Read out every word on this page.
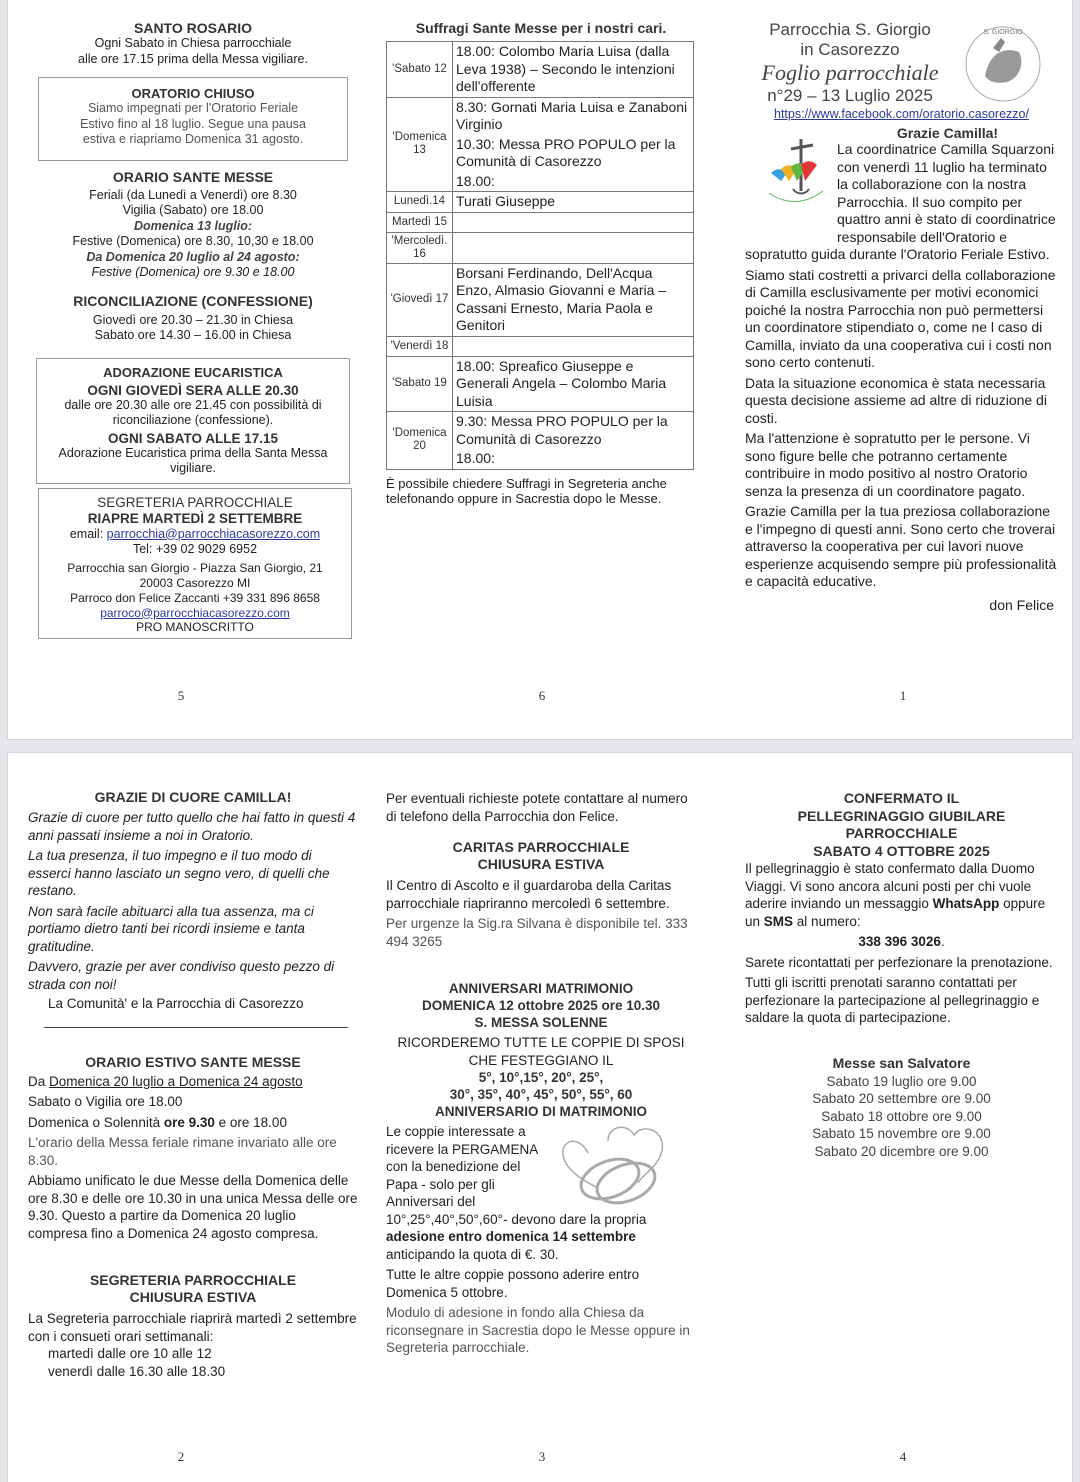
SANTO ROSARIO
Ogni Sabato in Chiesa parrocchiale
alle ore 17.15 prima della Messa vigiliare.
ORATORIO CHIUSO
Siamo impegnati per l'Oratorio Feriale
Estivo fino al 18 luglio. Segue una pausa
estiva e riapriamo Domenica 31 agosto.
ORARIO SANTE MESSE
Feriali (da Lunedì a Venerdì) ore 8.30
Vigilia (Sabato) ore 18.00
Domenica 13 luglio:
Festive (Domenica) ore 8.30, 10,30 e 18.00
Da Domenica 20 luglio al 24 agosto:
Festive (Domenica) ore 9.30 e 18.00
RICONCILIAZIONE (CONFESSIONE)
Giovedì ore 20.30 – 21.30 in Chiesa
Sabato ore 14.30 – 16.00 in Chiesa
ADORAZIONE EUCARISTICA
OGNI GIOVEDÌ SERA ALLE 20.30
dalle ore 20.30 alle ore 21.45 con possibilità di riconciliazione (confessione).
OGNI SABATO ALLE 17.15
Adorazione Eucaristica prima della Santa Messa vigiliare.
SEGRETERIA PARROCCHIALE
RIAPRE MARTEDÌ 2 SETTEMBRE
email: parrocchia@parrocchiacasorezzo.com
Tel: +39 02 9029 6952
Parrocchia san Giorgio - Piazza San Giorgio, 21
20003 Casorezzo MI
Parroco don Felice Zaccanti +39 331 896 8658
parroco@parrocchiacasorezzo.com
PRO MANOSCRITTO
5
Suffragi Sante Messe per i nostri cari.
'Sabato 12	18.00: Colombo Maria Luisa (dalla Leva 1938) – Secondo le intenzioni dell'offerente

'Domenica 13	8.30: Gornati Maria Luisa e Zanaboni Virginio
10.30: Messa PRO POPULO per la Comunità di Casorezzo
18.00:

Lunedì.14	Turati Giuseppe

Martedì 15	

'Mercoledì. 16	

'Giovedì 17	Borsani Ferdinando, Dell'Acqua Enzo, Almasio Giovanni e Maria – Cassani Ernesto, Maria Paola e Genitori

'Venerdì 18	

'Sabato 19	18.00: Spreafico Giuseppe e Generali Angela – Colombo Maria Luisia

'Domenica 20	9.30: Messa PRO POPULO per la Comunità di Casorezzo
18.00:
È possibile chiedere Suffragi in Segreteria anche telefonando oppure in Sacrestia dopo le Messe.
6
Parrocchia S. Giorgio
in Casorezzo
Foglio parrocchiale
n°29 – 13 Luglio 2025
S. GIORGIO
https://www.facebook.com/oratorio.casorezzo/
Grazie Camilla!
La coordinatrice Camilla Squarzoni con venerdì 11 luglio ha terminato la collaborazione con la nostra Parrocchia. Il suo compito per quattro anni è stato di coordinatrice responsabile dell'Oratorio e sopratutto guida durante l'Oratorio Feriale Estivo.
Siamo stati costretti a privarci della collaborazione di Camilla esclusivamente per motivi economici poiché la nostra Parrocchia non può permettersi un coordinatore stipendiato o, come ne l caso di Camilla, inviato da una cooperativa cui i costi non sono certo contenuti.
Data la situazione economica è stata necessaria questa decisione assieme ad altre di riduzione di costi.
Ma l'attenzione è sopratutto per le persone. Vi sono figure belle che potranno certamente contribuire in modo positivo al nostro Oratorio senza la presenza di un coordinatore pagato.
Grazie Camilla per la tua preziosa collaborazione e l'impegno di questi anni. Sono certo che troverai attraverso la cooperativa per cui lavori nuove esperienze acquisendo sempre più professionalità e capacità educative.
don Felice
1
GRAZIE DI CUORE CAMILLA!
Grazie di cuore per tutto quello che hai fatto in questi 4 anni passati insieme a noi in Oratorio.
La tua presenza, il tuo impegno e il tuo modo di esserci hanno lasciato un segno vero, di quelli che restano.
Non sarà facile abituarci alla tua assenza, ma ci portiamo dietro tanti bei ricordi insieme e tanta gratitudine.
Davvero, grazie per aver condiviso questo pezzo di strada con noi!
La Comunità' e la Parrocchia di Casorezzo
ORARIO ESTIVO SANTE MESSE
Da Domenica 20 luglio a Domenica 24 agosto
Sabato o Vigilia ore 18.00
Domenica o Solennità ore 9.30 e ore 18.00
L'orario della Messa feriale rimane invariato alle ore 8.30.
Abbiamo unificato le due Messe della Domenica delle ore 8.30 e delle ore 10.30 in una unica Messa delle ore 9.30. Questo a partire da Domenica 20 luglio compresa fino a Domenica 24 agosto compresa.
SEGRETERIA PARROCCHIALE
CHIUSURA ESTIVA
La Segreteria parrocchiale riaprirà martedì 2 settembre con i consueti orari settimanali:
martedì dalle ore 10 alle 12
venerdì dalle 16.30 alle 18.30
2
Per eventuali richieste potete contattare al numero di telefono della Parrocchia don Felice.
CARITAS PARROCCHIALE
CHIUSURA ESTIVA
Il Centro di Ascolto e il guardaroba della Caritas parrocchiale riapriranno mercoledì 6 settembre.
Per urgenze la Sig.ra Silvana è disponibile tel. 333 494 3265
ANNIVERSARI MATRIMONIO
DOMENICA 12 ottobre 2025 ore 10.30
S. MESSA SOLENNE
RICORDEREMO TUTTE LE COPPIE DI SPOSI CHE FESTEGGIANO IL
5°, 10°,15°, 20°, 25°,
30°, 35°, 40°, 45°, 50°, 55°, 60
ANNIVERSARIO DI MATRIMONIO
Le coppie interessate a ricevere la PERGAMENA con la benedizione del Papa - solo per gli Anniversari del
10°,25°,40°,50°,60°- devono dare la propria
adesione entro domenica 14 settembre
anticipando la quota di €. 30.
Tutte le altre coppie possono aderire entro Domenica 5 ottobre.
Modulo di adesione in fondo alla Chiesa da riconsegnare in Sacrestia dopo le Messe oppure in Segreteria parrocchiale.
3
CONFERMATO IL
PELLEGRINAGGIO GIUBILARE
PARROCCHIALE
SABATO 4 OTTOBRE 2025
Il pellegrinaggio è stato confermato dalla Duomo Viaggi. Vi sono ancora alcuni posti per chi vuole aderire inviando un messaggio WhatsApp oppure un SMS al numero:
338 396 3026.
Sarete ricontattati per perfezionare la prenotazione.
Tutti gli iscritti prenotati saranno contattati per perfezionare la partecipazione al pellegrinaggio e saldare la quota di partecipazione.
Messe san Salvatore
Sabato 19 luglio ore 9.00
Sabato 20 settembre ore 9.00
Sabato 18 ottobre ore 9.00
Sabato 15 novembre ore 9.00
Sabato 20 dicembre ore 9.00
4
